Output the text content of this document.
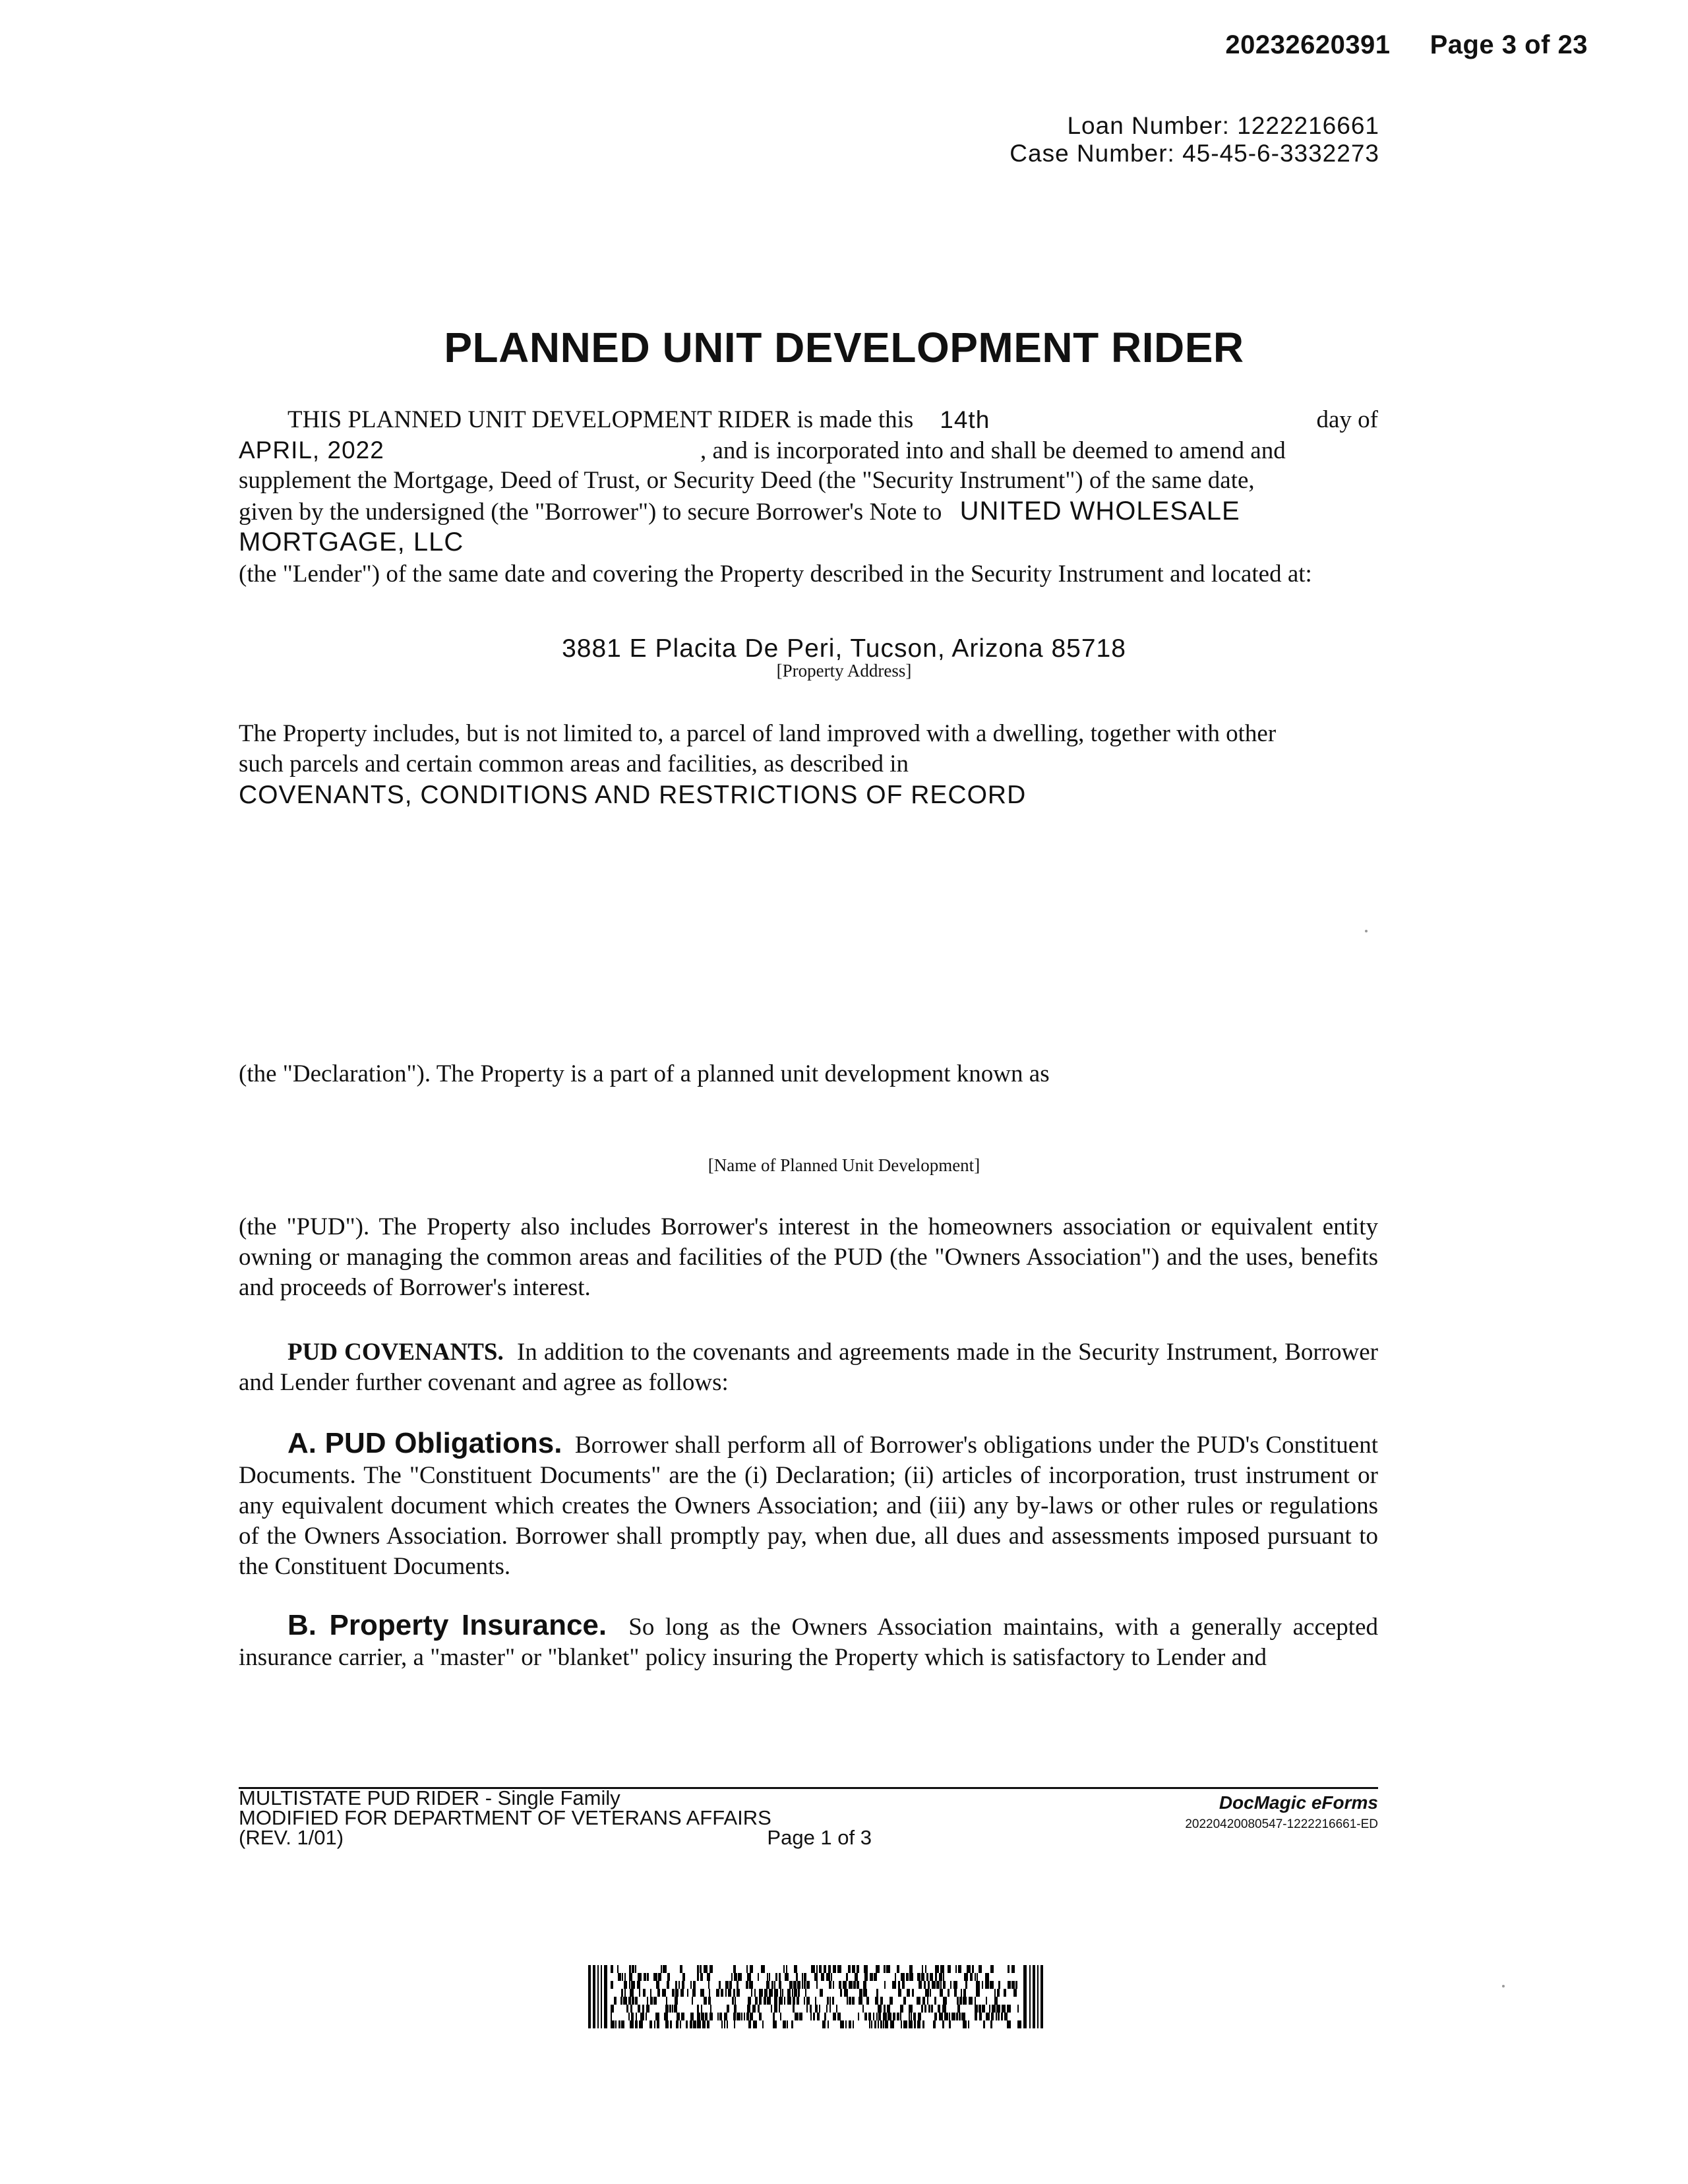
20232620391 Page 3 of 23
Loan Number: 1222216661
Case Number: 45-45-6-3332273
PLANNED UNIT DEVELOPMENT RIDER
THIS PLANNED UNIT DEVELOPMENT RIDER is made this 14th	day of
APRIL, 2022	, and is incorporated into and shall be deemed to amend and
supplement the Mortgage, Deed of Trust, or Security Deed (the "Security Instrument") of the same date,
given by the undersigned (the "Borrower") to secure Borrower's Note to UNITED WHOLESALE
MORTGAGE, LLC
(the "Lender") of the same date and covering the Property described in the Security Instrument and located at:
3881 E Placita De Peri, Tucson, Arizona 85718
[Property Address]
The Property includes, but is not limited to, a parcel of land improved with a dwelling, together with other
such parcels and certain common areas and facilities, as described in
COVENANTS, CONDITIONS AND RESTRICTIONS OF RECORD
(the "Declaration"). The Property is a part of a planned unit development known as
[Name of Planned Unit Development]
(the "PUD"). The Property also includes Borrower's interest in the homeowners association or equivalent entity owning or managing the common areas and facilities of the PUD (the "Owners Association") and the uses, benefits and proceeds of Borrower's interest.
PUD COVENANTS. In addition to the covenants and agreements made in the Security Instrument, Borrower and Lender further covenant and agree as follows:
A. PUD Obligations. Borrower shall perform all of Borrower's obligations under the PUD's Constituent Documents. The "Constituent Documents" are the (i) Declaration; (ii) articles of incorporation, trust instrument or any equivalent document which creates the Owners Association; and (iii) any by-laws or other rules or regulations of the Owners Association. Borrower shall promptly pay, when due, all dues and assessments imposed pursuant to the Constituent Documents.
B. Property Insurance. So long as the Owners Association maintains, with a generally accepted insurance carrier, a "master" or "blanket" policy insuring the Property which is satisfactory to Lender and
MULTISTATE PUD RIDER - Single Family
MODIFIED FOR DEPARTMENT OF VETERANS AFFAIRS
(REV. 1/01)	Page 1 of 3
DocMagic eForms
20220420080547-1222216661-ED
